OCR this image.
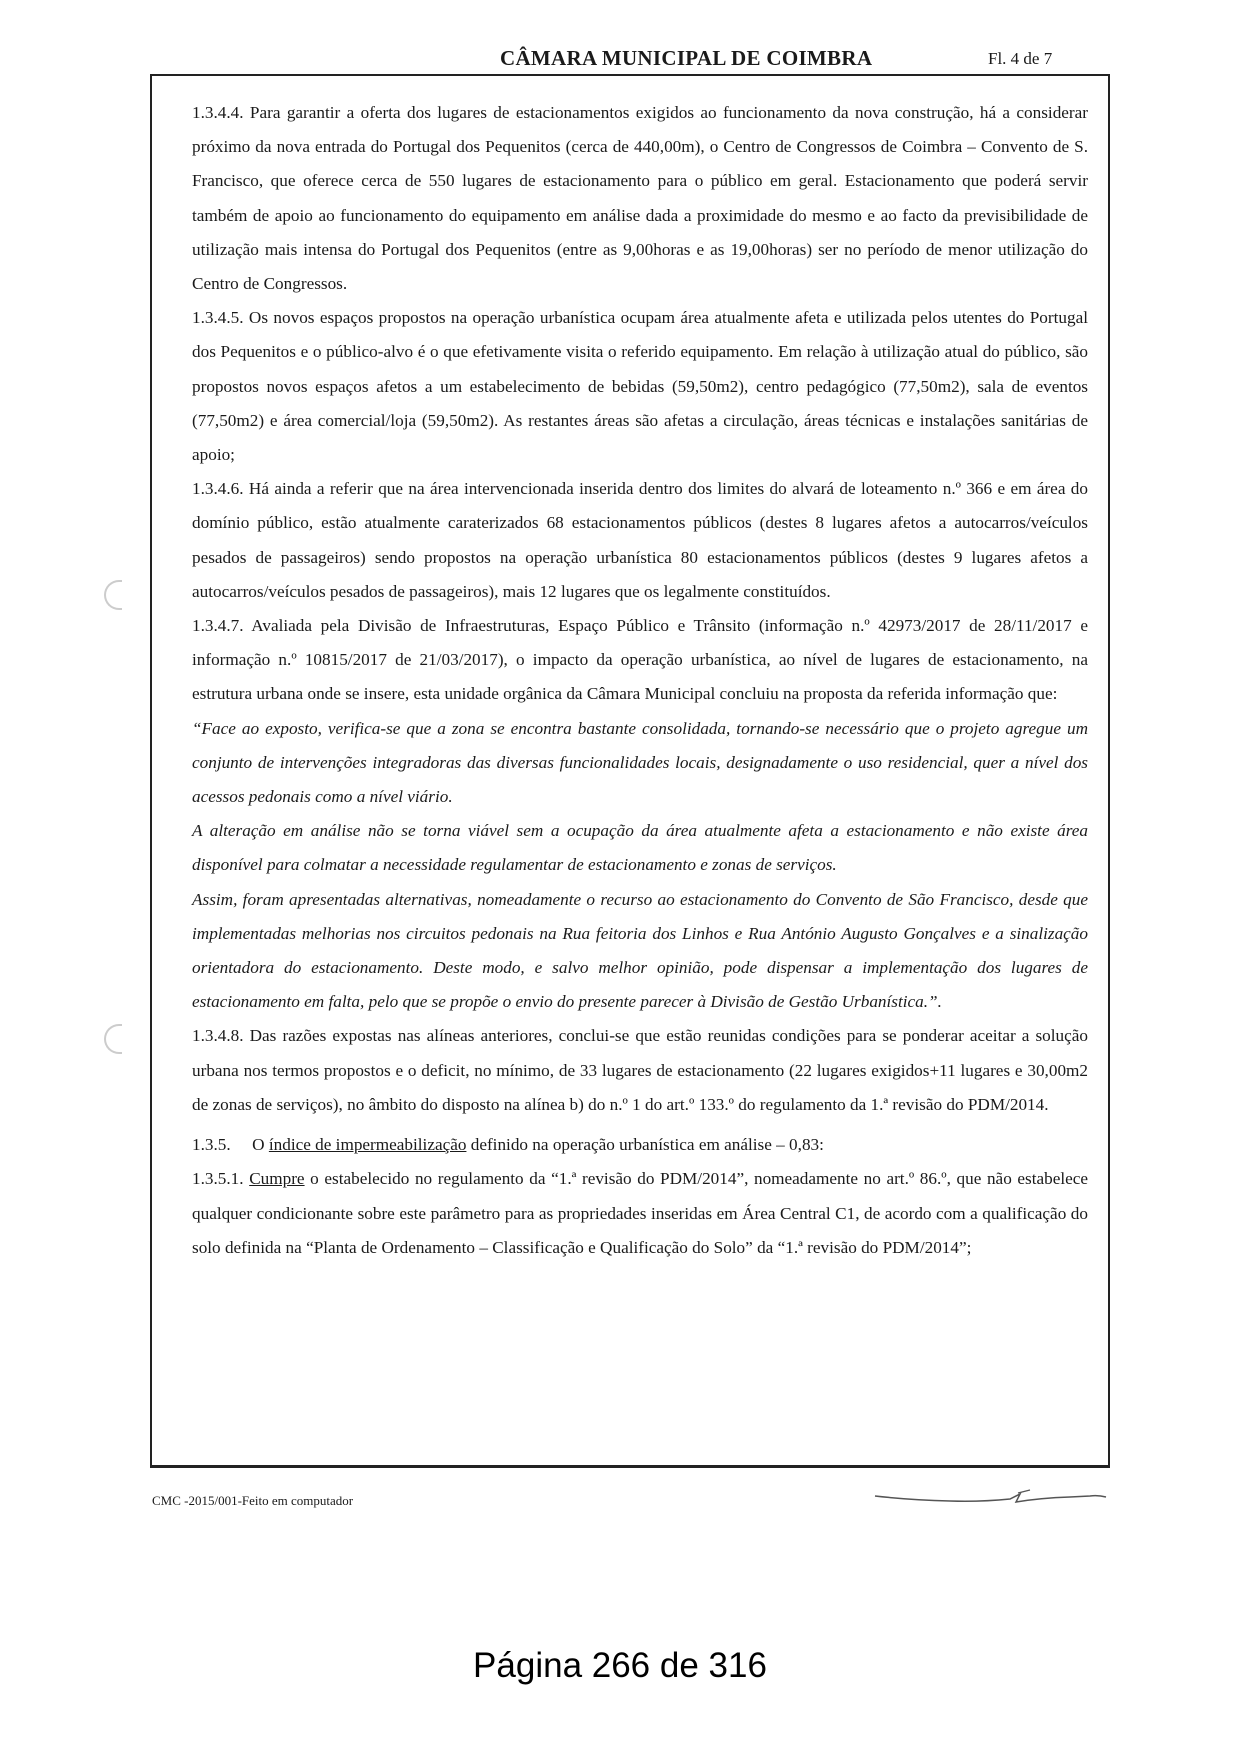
CÂMARA MUNICIPAL DE COIMBRA	Fl. 4 de 7

1.3.4.4. Para garantir a oferta dos lugares de estacionamentos exigidos ao funcionamento da nova construção, há a considerar próximo da nova entrada do Portugal dos Pequenitos (cerca de 440,00m), o Centro de Congressos de Coimbra – Convento de S. Francisco, que oferece cerca de 550 lugares de estacionamento para o público em geral. Estacionamento que poderá servir também de apoio ao funcionamento do equipamento em análise dada a proximidade do mesmo e ao facto da previsibilidade de utilização mais intensa do Portugal dos Pequenitos (entre as 9,00horas e as 19,00horas) ser no período de menor utilização do Centro de Congressos.

1.3.4.5. Os novos espaços propostos na operação urbanística ocupam área atualmente afeta e utilizada pelos utentes do Portugal dos Pequenitos e o público-alvo é o que efetivamente visita o referido equipamento. Em relação à utilização atual do público, são propostos novos espaços afetos a um estabelecimento de bebidas (59,50m2), centro pedagógico (77,50m2), sala de eventos (77,50m2) e área comercial/loja (59,50m2). As restantes áreas são afetas a circulação, áreas técnicas e instalações sanitárias de apoio;

1.3.4.6. Há ainda a referir que na área intervencionada inserida dentro dos limites do alvará de loteamento n.º 366 e em área do domínio público, estão atualmente caraterizados 68 estacionamentos públicos (destes 8 lugares afetos a autocarros/veículos pesados de passageiros) sendo propostos na operação urbanística 80 estacionamentos públicos (destes 9 lugares afetos a autocarros/veículos pesados de passageiros), mais 12 lugares que os legalmente constituídos.

1.3.4.7. Avaliada pela Divisão de Infraestruturas, Espaço Público e Trânsito (informação n.º 42973/2017 de 28/11/2017 e informação n.º 10815/2017 de 21/03/2017), o impacto da operação urbanística, ao nível de lugares de estacionamento, na estrutura urbana onde se insere, esta unidade orgânica da Câmara Municipal concluiu na proposta da referida informação que:

“Face ao exposto, verifica-se que a zona se encontra bastante consolidada, tornando-se necessário que o projeto agregue um conjunto de intervenções integradoras das diversas funcionalidades locais, designadamente o uso residencial, quer a nível dos acessos pedonais como a nível viário.

A alteração em análise não se torna viável sem a ocupação da área atualmente afeta a estacionamento e não existe área disponível para colmatar a necessidade regulamentar de estacionamento e zonas de serviços.

Assim, foram apresentadas alternativas, nomeadamente o recurso ao estacionamento do Convento de São Francisco, desde que implementadas melhorias nos circuitos pedonais na Rua feitoria dos Linhos e Rua António Augusto Gonçalves e a sinalização orientadora do estacionamento. Deste modo, e salvo melhor opinião, pode dispensar a implementação dos lugares de estacionamento em falta, pelo que se propõe o envio do presente parecer à Divisão de Gestão Urbanística.”.

1.3.4.8. Das razões expostas nas alíneas anteriores, conclui-se que estão reunidas condições para se ponderar aceitar a solução urbana nos termos propostos e o deficit, no mínimo, de 33 lugares de estacionamento (22 lugares exigidos+11 lugares e 30,00m2 de zonas de serviços), no âmbito do disposto na alínea b) do n.º 1 do art.º 133.º do regulamento da 1.ª revisão do PDM/2014.

1.3.5.     O índice de impermeabilização definido na operação urbanística em análise – 0,83:

1.3.5.1. Cumpre o estabelecido no regulamento da “1.ª revisão do PDM/2014”, nomeadamente no art.º 86.º, que não estabelece qualquer condicionante sobre este parâmetro para as propriedades inseridas em Área Central C1, de acordo com a qualificação do solo definida na “Planta de Ordenamento – Classificação e Qualificação do Solo” da “1.ª revisão do PDM/2014”;

CMC -2015/001-Feito em computador
Página 266 de 316
